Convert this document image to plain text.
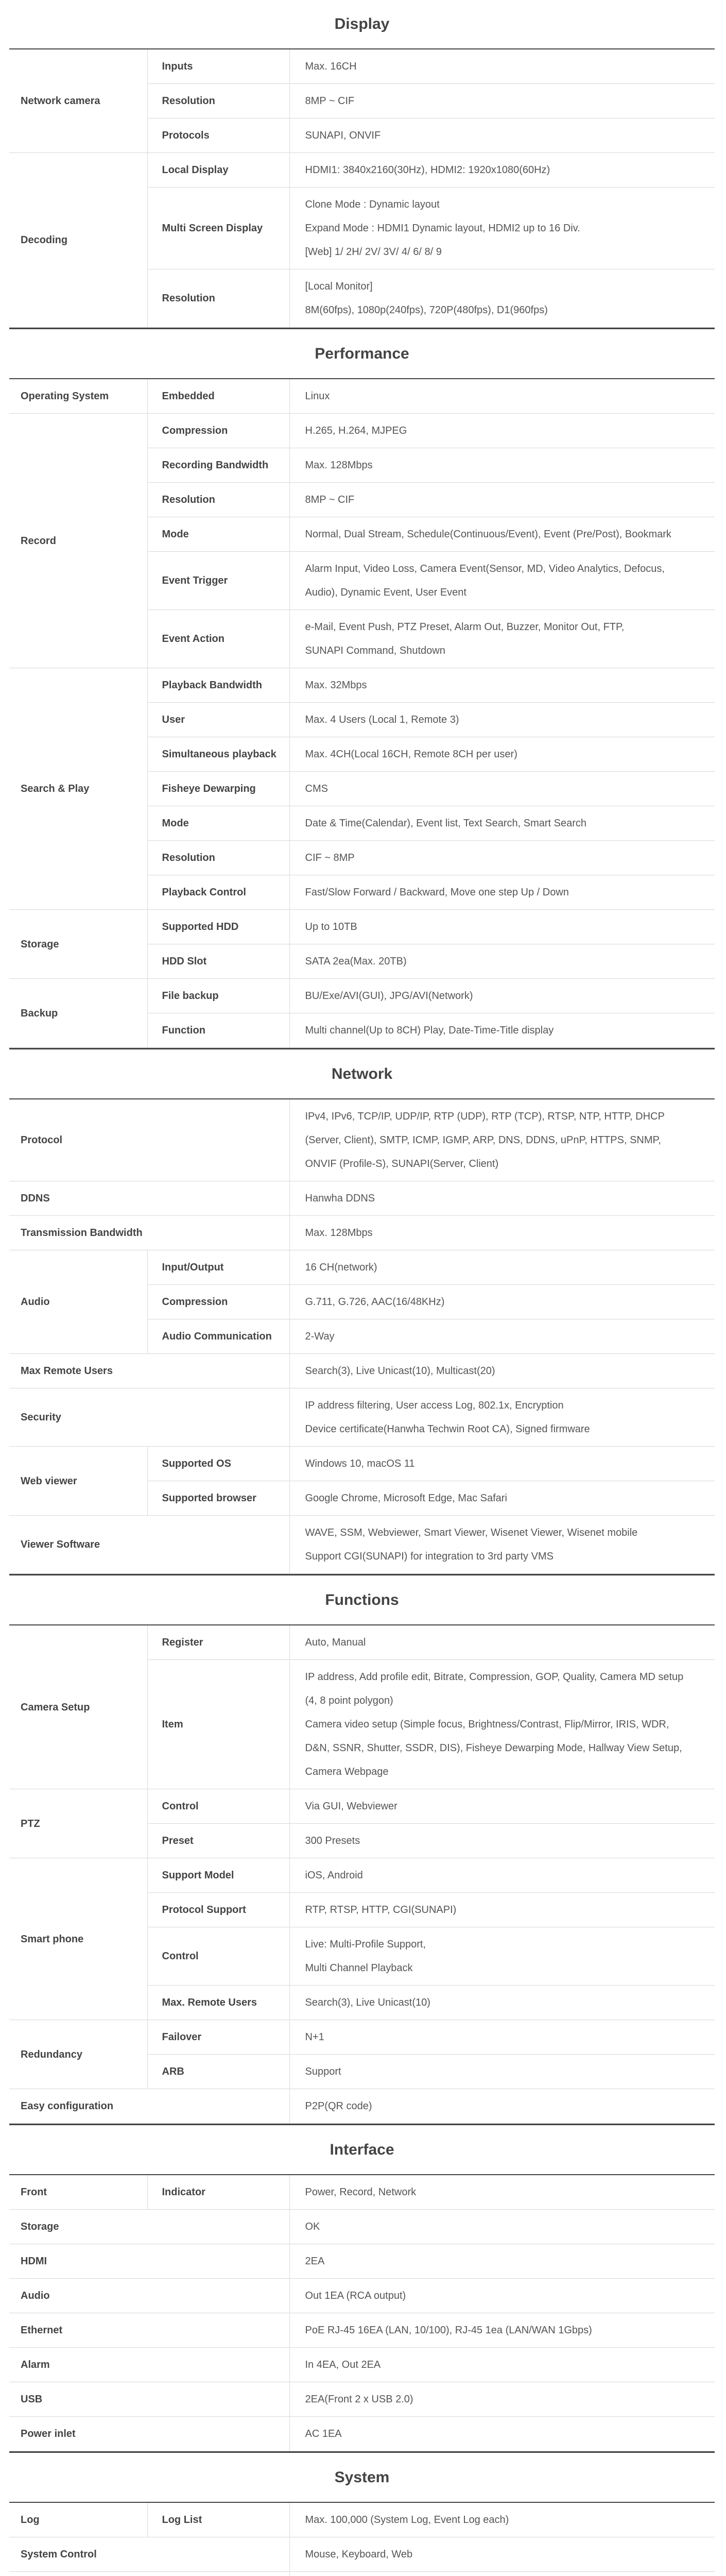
Display
Network camera	Inputs	Max. 16CH

	Resolution	8MP ~ CIF

	Protocols	SUNAPI, ONVIF

Decoding	Local Display	HDMI1: 3840x2160(30Hz), HDMI2: 1920x1080(60Hz)

	Multi Screen Display	Clone Mode : Dynamic layout
Expand Mode : HDMI1 Dynamic layout, HDMI2 up to 16 Div.
[Web] 1/ 2H/ 2V/ 3V/ 4/ 6/ 8/ 9

	Resolution	[Local Monitor]
8M(60fps), 1080p(240fps), 720P(480fps), D1(960fps)
Performance
Operating System	Embedded	Linux

Record	Compression	H.265, H.264, MJPEG

	Recording Bandwidth	Max. 128Mbps

	Resolution	8MP ~ CIF

	Mode	Normal, Dual Stream, Schedule(Continuous/Event), Event (Pre/Post), Bookmark

	Event Trigger	Alarm Input, Video Loss, Camera Event(Sensor, MD, Video Analytics, Defocus,
Audio), Dynamic Event, User Event

	Event Action	e-Mail, Event Push, PTZ Preset, Alarm Out, Buzzer, Monitor Out, FTP,
SUNAPI Command, Shutdown

Search & Play	Playback Bandwidth	Max. 32Mbps

	User	Max. 4 Users (Local 1, Remote 3)

	Simultaneous playback	Max. 4CH(Local 16CH, Remote 8CH per user)

	Fisheye Dewarping	CMS

	Mode	Date & Time(Calendar), Event list, Text Search, Smart Search

	Resolution	CIF ~ 8MP

	Playback Control	Fast/Slow Forward / Backward, Move one step Up / Down

Storage	Supported HDD	Up to 10TB

	HDD Slot	SATA 2ea(Max. 20TB)

Backup	File backup	BU/Exe/AVI(GUI), JPG/AVI(Network)

	Function	Multi channel(Up to 8CH) Play, Date-Time-Title display
Network
Protocol		IPv4, IPv6, TCP/IP, UDP/IP, RTP (UDP), RTP (TCP), RTSP, NTP, HTTP, DHCP
(Server, Client), SMTP, ICMP, IGMP, ARP, DNS, DDNS, uPnP, HTTPS, SNMP,
ONVIF (Profile-S), SUNAPI(Server, Client)

DDNS		Hanwha DDNS

Transmission Bandwidth		Max. 128Mbps

Audio	Input/Output	16 CH(network)

	Compression	G.711, G.726, AAC(16/48KHz)

	Audio Communication	2-Way

Max Remote Users		Search(3), Live Unicast(10), Multicast(20)

Security		IP address filtering, User access Log, 802.1x, Encryption
Device certificate(Hanwha Techwin Root CA), Signed firmware

Web viewer	Supported OS	Windows 10, macOS 11

	Supported browser	Google Chrome, Microsoft Edge, Mac Safari

Viewer Software		WAVE, SSM, Webviewer, Smart Viewer, Wisenet Viewer, Wisenet mobile
Support CGI(SUNAPI) for integration to 3rd party VMS
Functions
Camera Setup	Register	Auto, Manual

	Item	IP address, Add profile edit, Bitrate, Compression, GOP, Quality, Camera MD setup
(4, 8 point polygon)
Camera video setup (Simple focus, Brightness/Contrast, Flip/Mirror, IRIS, WDR,
D&N, SSNR, Shutter, SSDR, DIS), Fisheye Dewarping Mode, Hallway View Setup,
Camera Webpage

PTZ	Control	Via GUI, Webviewer

	Preset	300 Presets

Smart phone	Support Model	iOS, Android

	Protocol Support	RTP, RTSP, HTTP, CGI(SUNAPI)

	Control	Live: Multi-Profile Support,
Multi Channel Playback

	Max. Remote Users	Search(3), Live Unicast(10)

Redundancy	Failover	N+1

	ARB	Support

Easy configuration		P2P(QR code)
Interface
Front	Indicator	Power, Record, Network

Storage		OK

HDMI		2EA

Audio		Out 1EA (RCA output)

Ethernet		PoE RJ-45 16EA (LAN, 10/100), RJ-45 1ea (LAN/WAN 1Gbps)

Alarm		In 4EA, Out 2EA

USB		2EA(Front 2 x USB 2.0)

Power inlet		AC 1EA
System
Log	Log List	Max. 100,000 (System Log, Event Log each)

System Control		Mouse, Keyboard, Web
